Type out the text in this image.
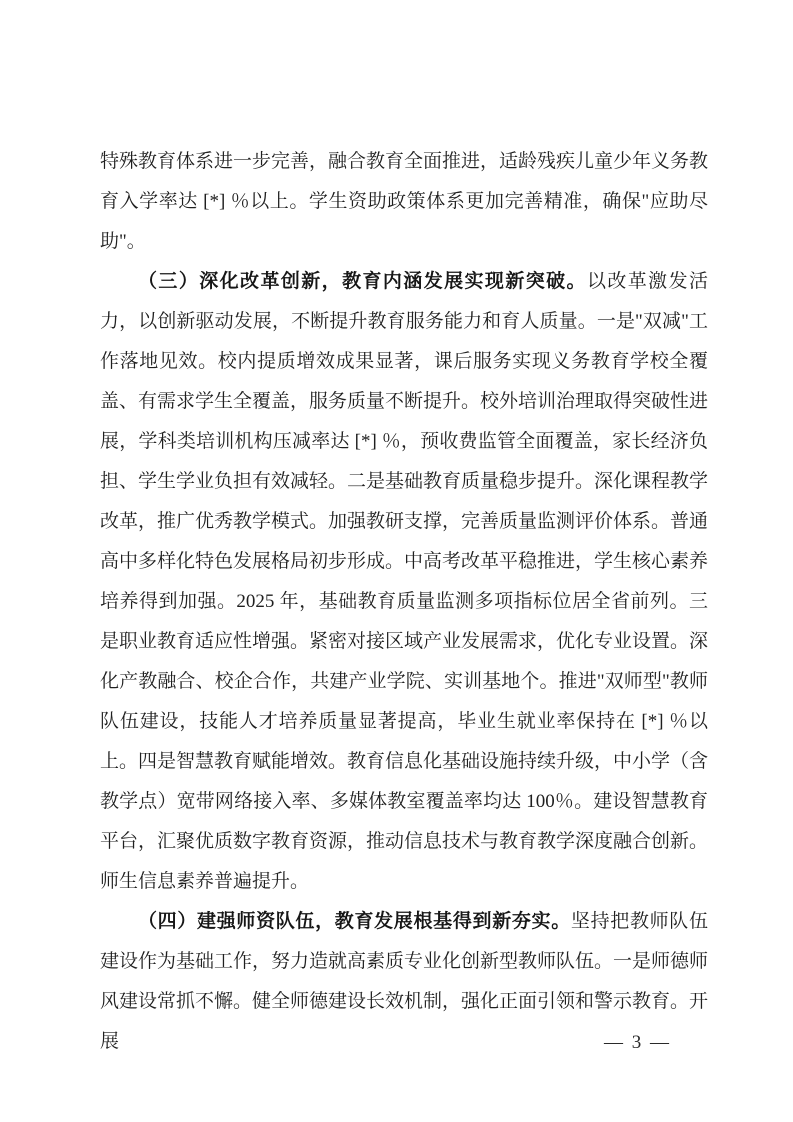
特殊教育体系进一步完善，融合教育全面推进，适龄残疾儿童少年义务教育入学率达 [*] ％以上。学生资助政策体系更加完善精准，确保"应助尽助"。

（三）深化改革创新，教育内涵发展实现新突破。以改革激发活力，以创新驱动发展，不断提升教育服务能力和育人质量。一是"双减"工作落地见效。校内提质增效成果显著，课后服务实现义务教育学校全覆盖、有需求学生全覆盖，服务质量不断提升。校外培训治理取得突破性进展，学科类培训机构压减率达 [*] ％，预收费监管全面覆盖，家长经济负担、学生学业负担有效减轻。二是基础教育质量稳步提升。深化课程教学改革，推广优秀教学模式。加强教研支撑，完善质量监测评价体系。普通高中多样化特色发展格局初步形成。中高考改革平稳推进，学生核心素养培养得到加强。2025 年，基础教育质量监测多项指标位居全省前列。三是职业教育适应性增强。紧密对接区域产业发展需求，优化专业设置。深化产教融合、校企合作，共建产业学院、实训基地个。推进"双师型"教师队伍建设，技能人才培养质量显著提高，毕业生就业率保持在 [*] ％以上。四是智慧教育赋能增效。教育信息化基础设施持续升级，中小学（含教学点）宽带网络接入率、多媒体教室覆盖率均达 100％。建设智慧教育平台，汇聚优质数字教育资源，推动信息技术与教育教学深度融合创新。师生信息素养普遍提升。

（四）建强师资队伍，教育发展根基得到新夯实。坚持把教师队伍建设作为基础工作，努力造就高素质专业化创新型教师队伍。一是师德师风建设常抓不懈。健全师德建设长效机制，强化正面引领和警示教育。开展	— 3 —
